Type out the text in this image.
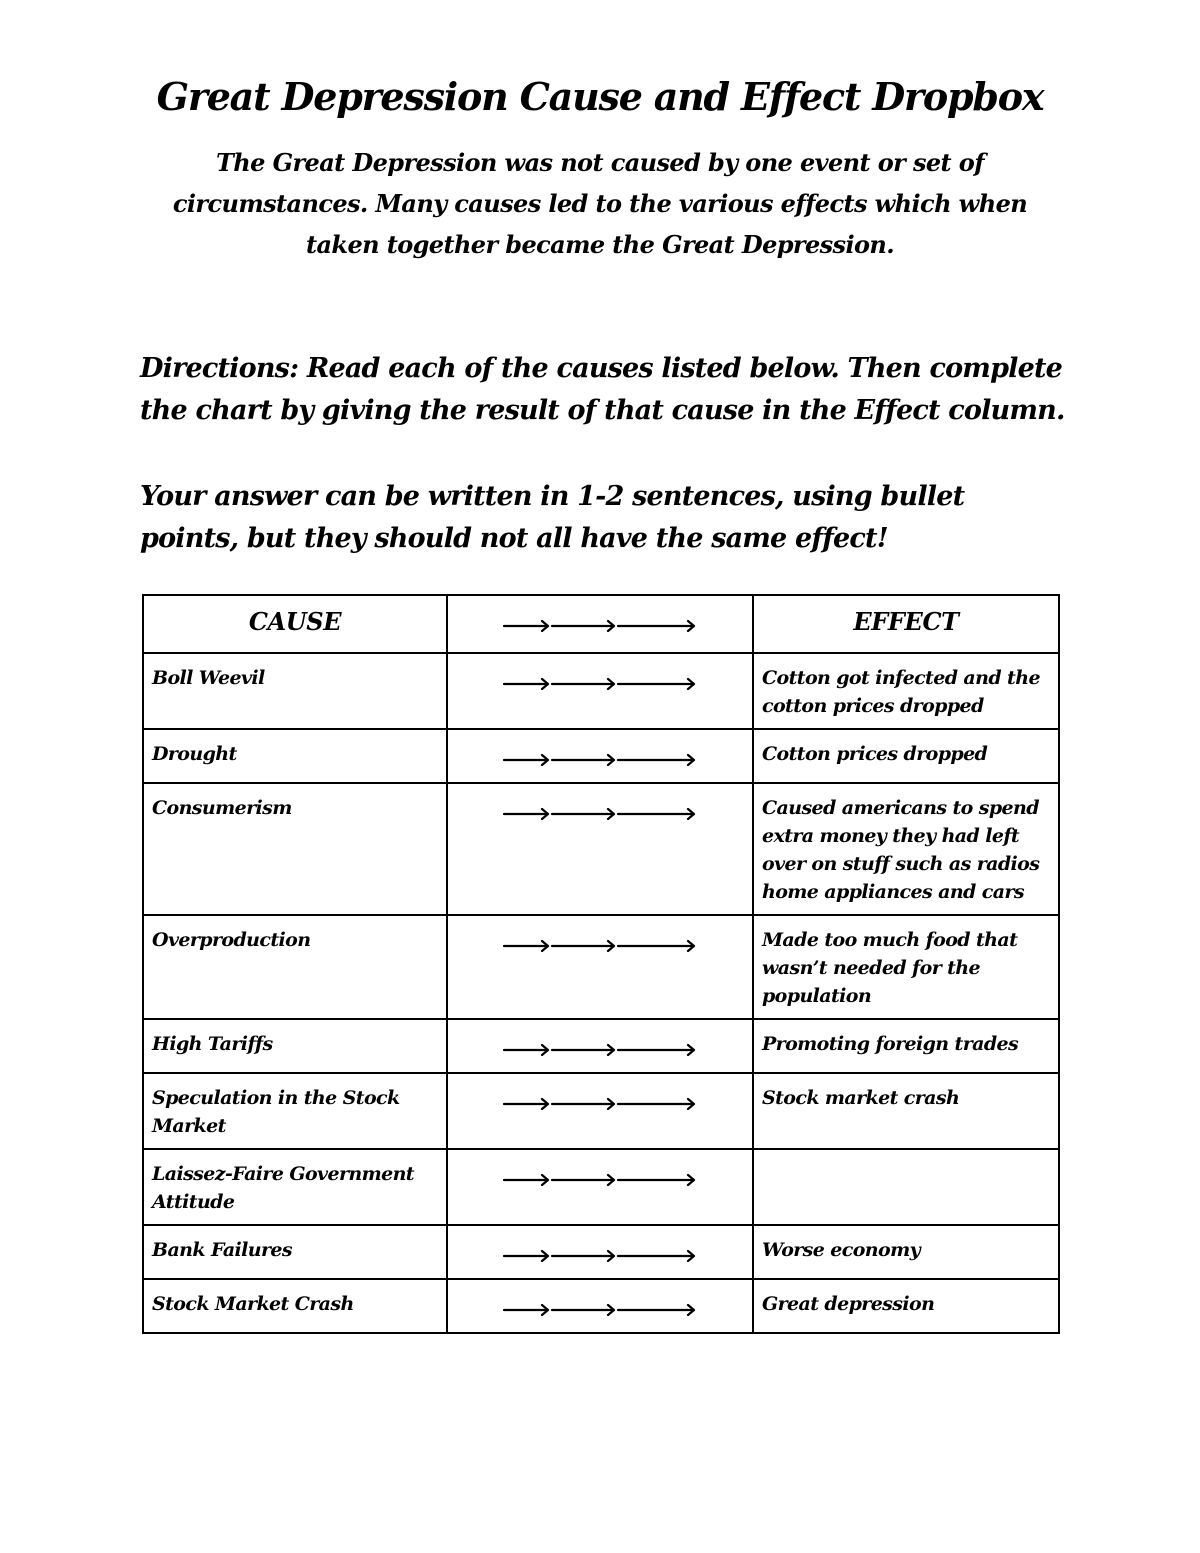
Great Depression Cause and Effect Dropbox

The Great Depression was not caused by one event or set of circumstances. Many causes led to the various effects which when taken together became the Great Depression.

Directions: Read each of the causes listed below. Then complete the chart by giving the result of that cause in the Effect column.

Your answer can be written in 1-2 sentences, using bullet points, but they should not all have the same effect!

CAUSE		EFFECT
Boll Weevil		Cotton got infected and the cotton prices dropped
Drought		Cotton prices dropped
Consumerism		Caused americans to spend extra money they had left over on stuff such as radios home appliances and cars
Overproduction		Made too much food that wasn’t needed for the population
High Tariffs		Promoting foreign trades
Speculation in the Stock Market		Stock market crash
Laissez-Faire Government Attitude	

Bank Failures		Worse economy
Stock Market Crash		Great depression
